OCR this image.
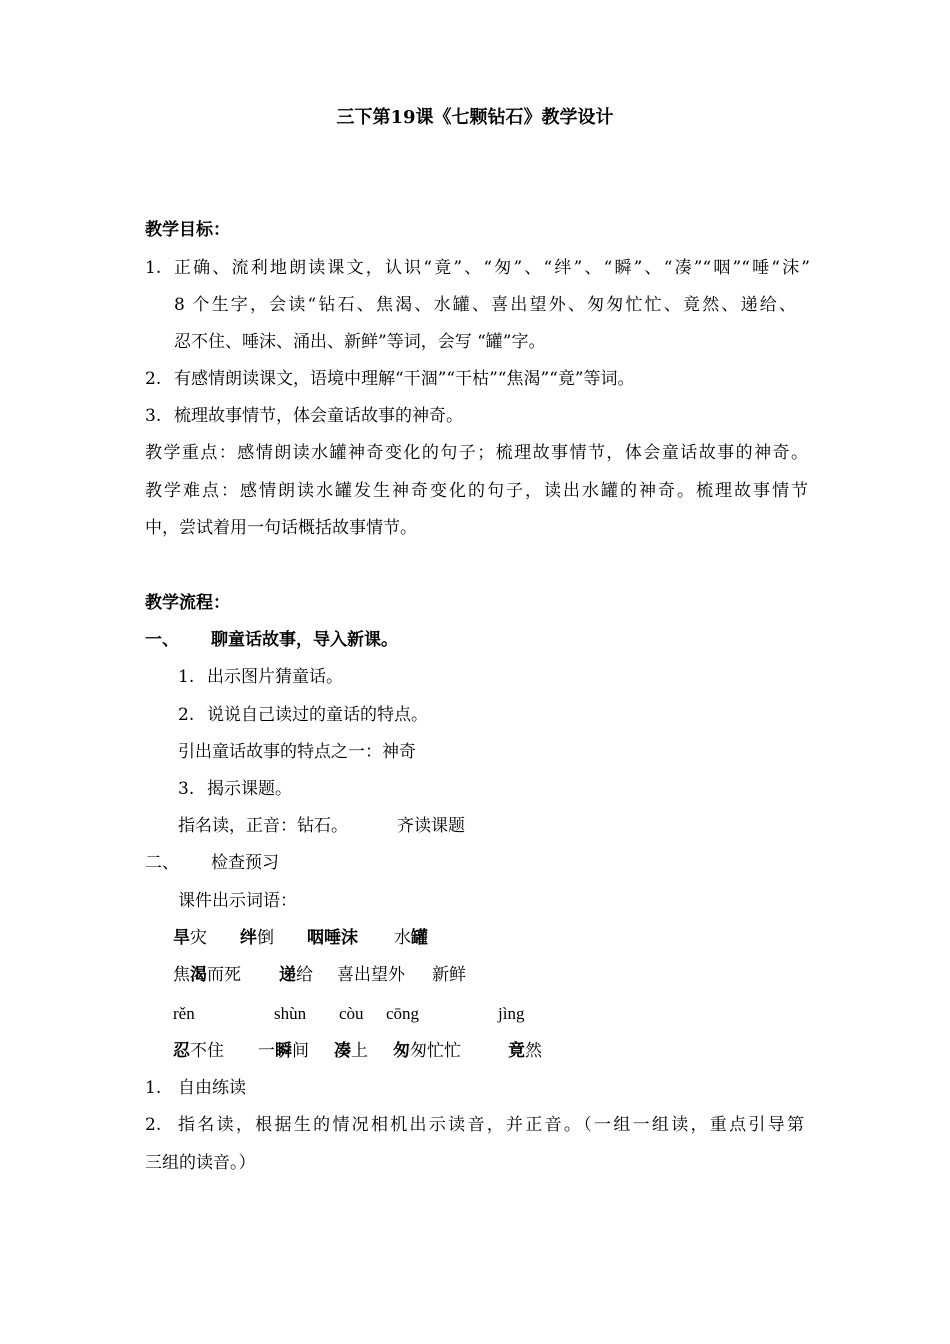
三下第19课《七颗钻石》教学设计
教学目标：
1. 正确、流利地朗读课文，认识“竟”、“匆”、“绊”、“瞬”、“凑”“咽”“唾“沫”
8 个生字，会读“钻石、焦渴、水罐、喜出望外、匆匆忙忙、竟然、递给、
忍不住、唾沫、涌出、新鲜”等词，会写 “罐”字。
2. 有感情朗读课文，语境中理解“干涸”“干枯”“焦渴”“竟”等词。
3. 梳理故事情节，体会童话故事的神奇。
教学重点：感情朗读水罐神奇变化的句子；梳理故事情节，体会童话故事的神奇。
教学难点：感情朗读水罐发生神奇变化的句子，读出水罐的神奇。梳理故事情节
中，尝试着用一句话概括故事情节。
教学流程：
一、 聊童话故事，导入新课。
1. 出示图片猜童话。
2. 说说自己读过的童话的特点。
引出童话故事的特点之一：神奇
3. 揭示课题。
指名读，正音：钻石。	齐读课题
二、 检查预习
课件出示词语：
旱灾 绊倒 咽唾沫 水罐
焦渴而死 递给 喜出望外 新鲜
rěn	shùn còu cōng	jìng
忍不住 一瞬间 凑上 匆匆忙忙	竟然
1. 自由练读
2. 指名读，根据生的情况相机出示读音，并正音。（一组一组读，重点引导第
三组的读音。）
